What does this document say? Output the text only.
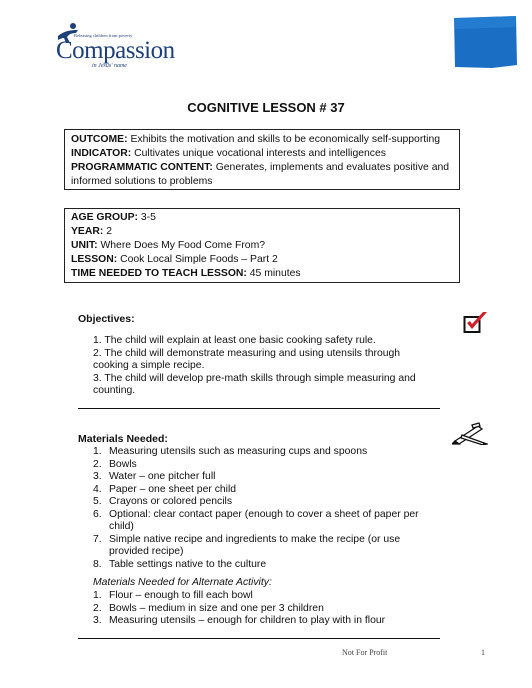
Releasing children from poverty
Compassion
in Jesus' name
COGNITIVE LESSON # 37
OUTCOME: Exhibits the motivation and skills to be economically self-supporting
INDICATOR: Cultivates unique vocational interests and intelligences
PROGRAMMATIC CONTENT: Generates, implements and evaluates positive and informed solutions to problems
AGE GROUP: 3-5
YEAR: 2
UNIT: Where Does My Food Come From?
LESSON: Cook Local Simple Foods – Part 2
TIME NEEDED TO TEACH LESSON: 45 minutes
Objectives:
1. The child will explain at least one basic cooking safety rule.
2. The child will demonstrate measuring and using utensils through cooking a simple recipe.
3. The child will develop pre-math skills through simple measuring and counting.
Materials Needed:
1. Measuring utensils such as measuring cups and spoons
2. Bowls
3. Water – one pitcher full
4. Paper – one sheet per child
5. Crayons or colored pencils
6. Optional: clear contact paper (enough to cover a sheet of paper per child)
7. Simple native recipe and ingredients to make the recipe (or use provided recipe)
8. Table settings native to the culture
Materials Needed for Alternate Activity:
1. Flour – enough to fill each bowl
2. Bowls – medium in size and one per 3 children
3. Measuring utensils – enough for children to play with in flour
Not For Profit	1
